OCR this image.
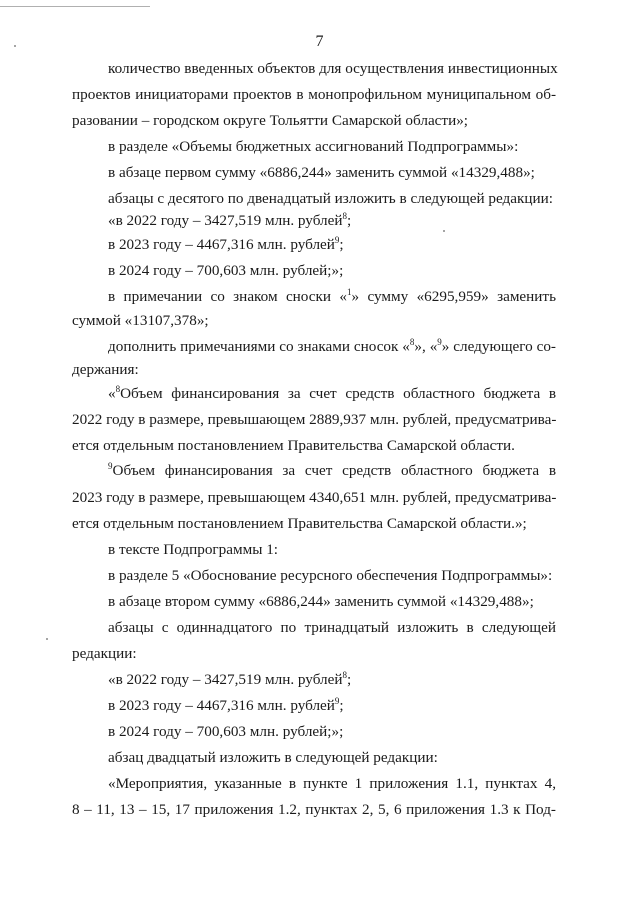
7
количество введенных объектов для осуществления инвестиционных
проектов инициаторами проектов в монопрофильном муниципальном об-
разовании – городском округе Тольятти Самарской области»;
в разделе «Объемы бюджетных ассигнований Подпрограммы»:
в абзаце первом сумму «6886,244» заменить суммой «14329,488»;
абзацы с десятого по двенадцатый изложить в следующей редакции:
«в 2022 году – 3427,519 млн. рублей$^8$;
в 2023 году – 4467,316 млн. рублей$^9$;
в 2024 году – 700,603 млн. рублей;»;
в примечании со знаком сноски «$^1$» сумму «6295,959» заменить
суммой «13107,378»;
дополнить примечаниями со знаками сносок «$^8$», «$^9$» следующего со-
держания:
«$^8$Объем финансирования за счет средств областного бюджета в
2022 году в размере, превышающем 2889,937 млн. рублей, предусматрива-
ется отдельным постановлением Правительства Самарской области.
$^9$Объем финансирования за счет средств областного бюджета в
2023 году в размере, превышающем 4340,651 млн. рублей, предусматрива-
ется отдельным постановлением Правительства Самарской области.»;
в тексте Подпрограммы 1:
в разделе 5 «Обоснование ресурсного обеспечения Подпрограммы»:
в абзаце втором сумму «6886,244» заменить суммой «14329,488»;
абзацы с одиннадцатого по тринадцатый изложить в следующей
редакции:
«в 2022 году – 3427,519 млн. рублей$^8$;
в 2023 году – 4467,316 млн. рублей$^9$;
в 2024 году – 700,603 млн. рублей;»;
абзац двадцатый изложить в следующей редакции:
«Мероприятия, указанные в пункте 1 приложения 1.1, пунктах 4,
8 – 11, 13 – 15, 17 приложения 1.2, пунктах 2, 5, 6 приложения 1.3 к Под-
